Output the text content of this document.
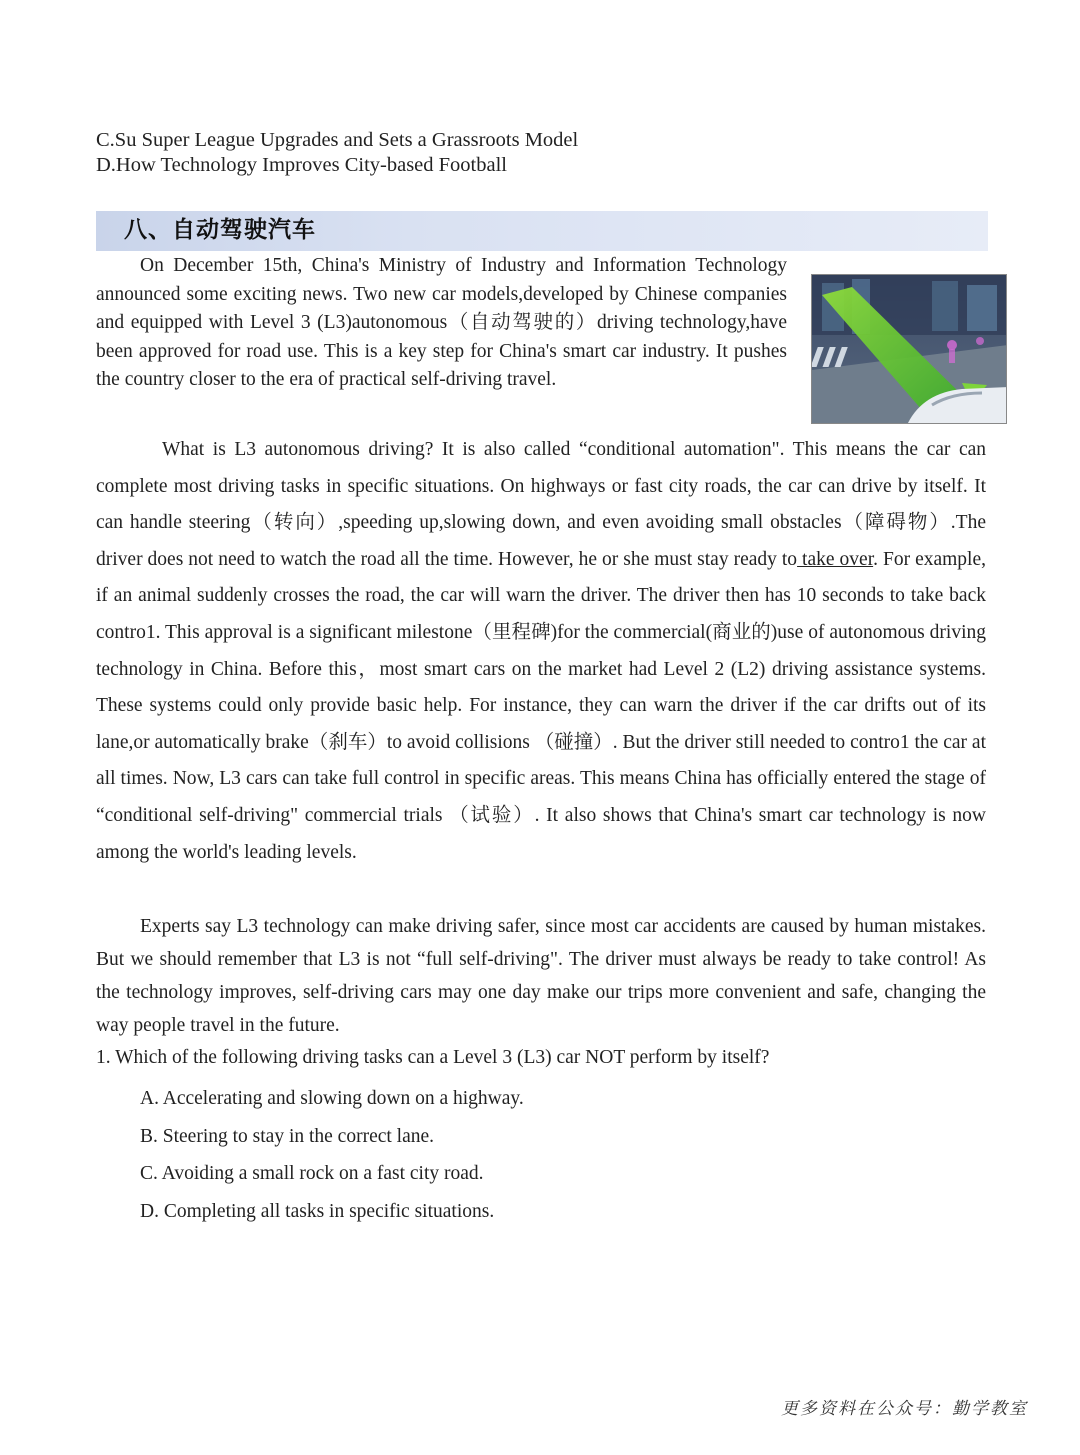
C.Su Super League Upgrades and Sets a Grassroots Model
D.How Technology Improves City-based Football
八、自动驾驶汽车

On December 15th, China's Ministry of Industry and Information Technology announced some exciting news. Two new car models,developed by Chinese companies and equipped with Level 3 (L3)autonomous（自动驾驶的）driving technology,have been approved for road use. This is a key step for China's smart car industry. It pushes the country closer to the era of practical self-driving travel.

What is L3 autonomous driving? It is also called “conditional automation". This means the car can complete most driving tasks in specific situations. On highways or fast city roads, the car can drive by itself. It can handle steering（转向）,speeding up,slowing down, and even avoiding small obstacles（障碍物）.The driver does not need to watch the road all the time. However, he or she must stay ready to take over. For example, if an animal suddenly crosses the road, the car will warn the driver. The driver then has 10 seconds to take back contro1. This approval is a significant milestone（里程碑)for the commercial(商业的)use of autonomous driving technology in China. Before this，most smart cars on the market had Level 2 (L2) driving assistance systems. These systems could only provide basic help. For instance, they can warn the driver if the car drifts out of its lane,or automatically brake（刹车）to avoid collisions （碰撞）. But the driver still needed to contro1 the car at all times. Now, L3 cars can take full control in specific areas. This means China has officially entered the stage of “conditional self-driving" commercial trials （试验）. It also shows that China's smart car technology is now among the world's leading levels.

Experts say L3 technology can make driving safer, since most car accidents are caused by human mistakes. But we should remember that L3 is not “full self-driving". The driver must always be ready to take control! As the technology improves, self-driving cars may one day make our trips more convenient and safe, changing the way people travel in the future.

1. Which of the following driving tasks can a Level 3 (L3) car NOT perform by itself?

A. Accelerating and slowing down on a highway.
B. Steering to stay in the correct lane.
C. Avoiding a small rock on a fast city road.
D. Completing all tasks in specific situations.
更多资料在公众号：勤学教室
